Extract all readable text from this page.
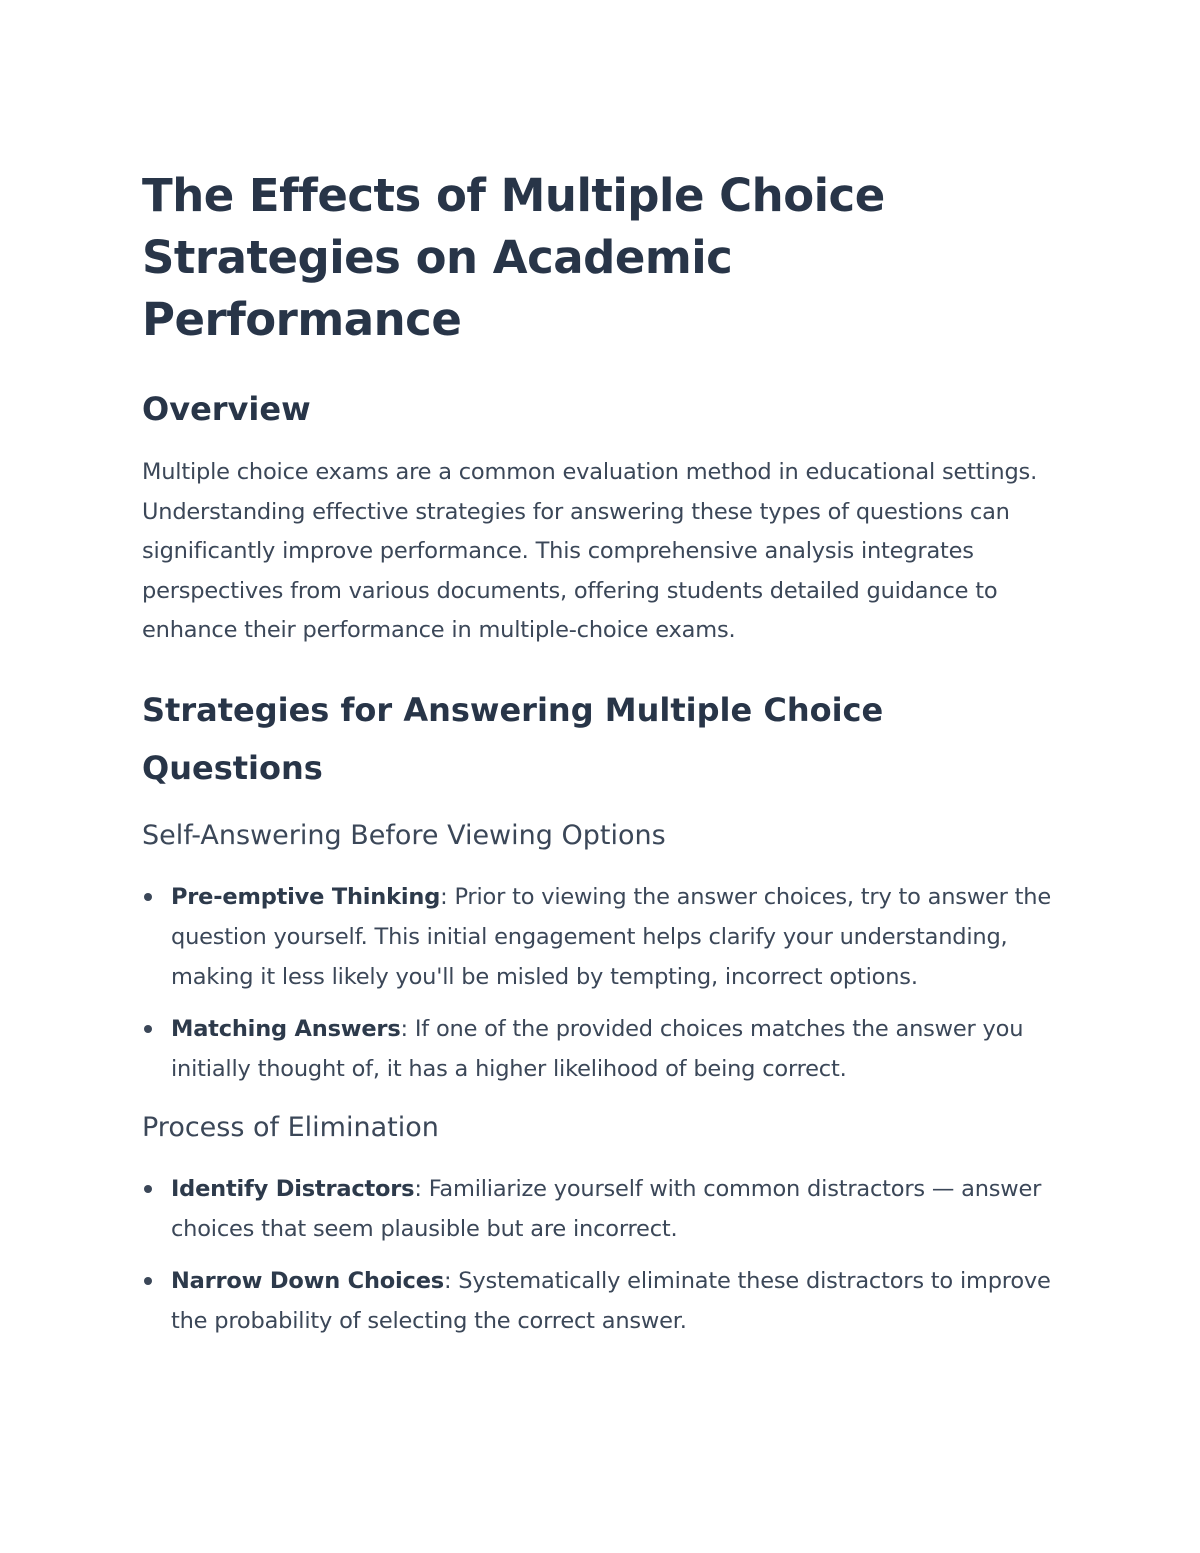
The Effects of Multiple Choice Strategies on Academic Performance
Overview

Multiple choice exams are a common evaluation method in educational settings. Understanding effective strategies for answering these types of questions can significantly improve performance. This comprehensive analysis integrates perspectives from various documents, offering students detailed guidance to enhance their performance in multiple-choice exams.

Strategies for Answering Multiple Choice Questions
Self-Answering Before Viewing Options
Pre-emptive Thinking: Prior to viewing the answer choices, try to answer the question yourself. This initial engagement helps clarify your understanding, making it less likely you'll be misled by tempting, incorrect options.
Matching Answers: If one of the provided choices matches the answer you initially thought of, it has a higher likelihood of being correct.
Process of Elimination
Identify Distractors: Familiarize yourself with common distractors — answer choices that seem plausible but are incorrect.
Narrow Down Choices: Systematically eliminate these distractors to improve the probability of selecting the correct answer.
